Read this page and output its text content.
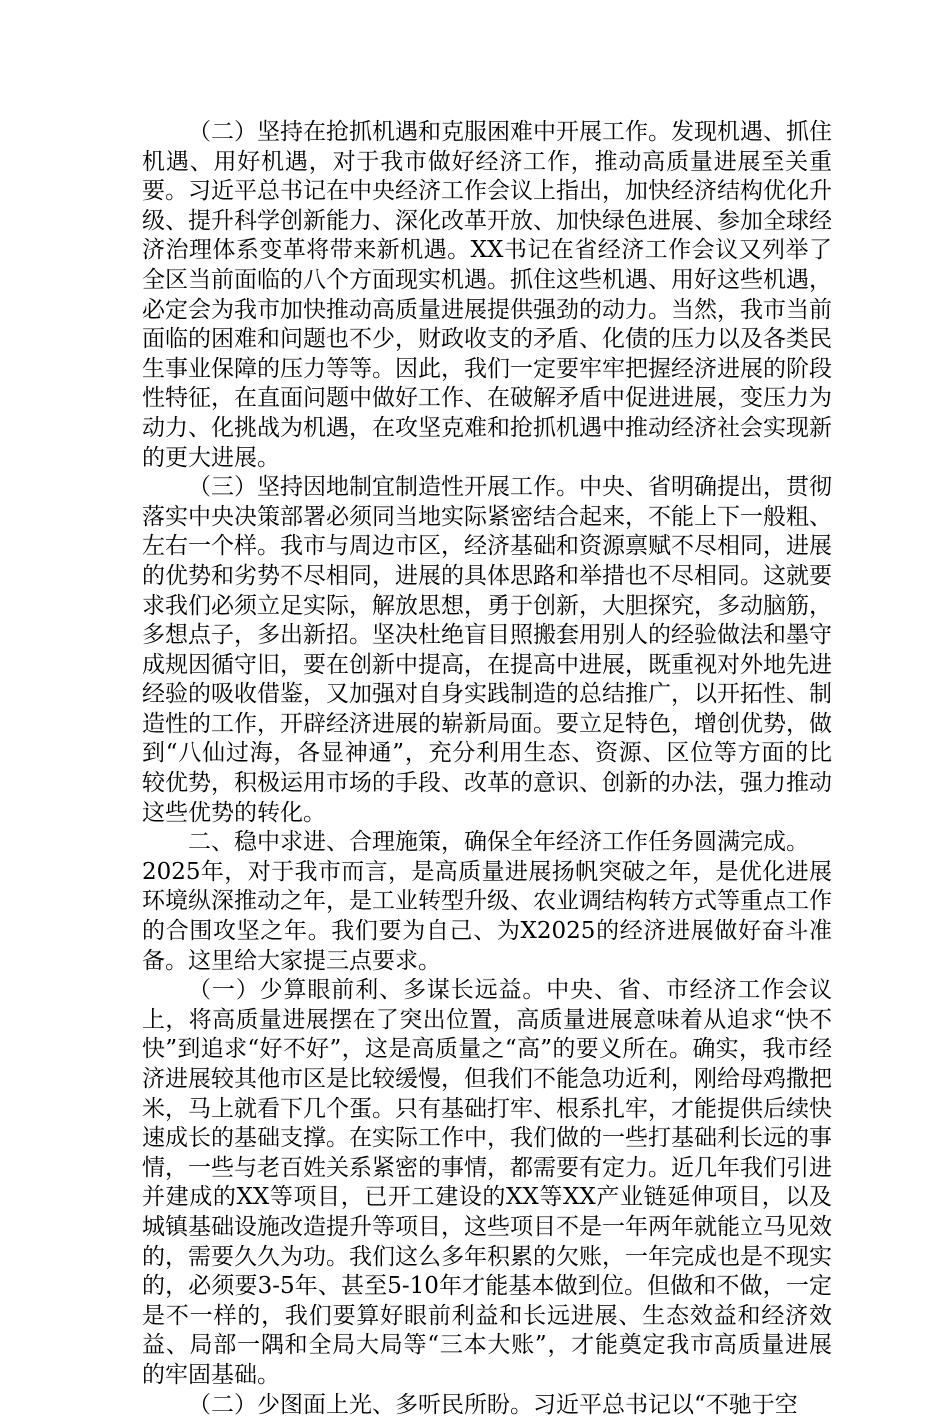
（二）坚持在抢抓机遇和克服困难中开展工作。发现机遇、抓住机遇、用好机遇，对于我市做好经济工作，推动高质量进展至关重要。习近平总书记在中央经济工作会议上指出，加快经济结构优化升级、提升科学创新能力、深化改革开放、加快绿色进展、参加全球经济治理体系变革将带来新机遇。XX书记在省经济工作会议又列举了全区当前面临的八个方面现实机遇。抓住这些机遇、用好这些机遇，必定会为我市加快推动高质量进展提供强劲的动力。当然，我市当前面临的困难和问题也不少，财政收支的矛盾、化债的压力以及各类民生事业保障的压力等等。因此，我们一定要牢牢把握经济进展的阶段性特征，在直面问题中做好工作、在破解矛盾中促进进展，变压力为动力、化挑战为机遇，在攻坚克难和抢抓机遇中推动经济社会实现新的更大进展。

（三）坚持因地制宜制造性开展工作。中央、省明确提出，贯彻落实中央决策部署必须同当地实际紧密结合起来，不能上下一般粗、左右一个样。我市与周边市区，经济基础和资源禀赋不尽相同，进展的优势和劣势不尽相同，进展的具体思路和举措也不尽相同。这就要求我们必须立足实际，解放思想，勇于创新，大胆探究，多动脑筋，多想点子，多出新招。坚决杜绝盲目照搬套用别人的经验做法和墨守成规因循守旧，要在创新中提高，在提高中进展，既重视对外地先进经验的吸收借鉴，又加强对自身实践制造的总结推广，以开拓性、制造性的工作，开辟经济进展的崭新局面。要立足特色，增创优势，做到“八仙过海，各显神通”，充分利用生态、资源、区位等方面的比较优势，积极运用市场的手段、改革的意识、创新的办法，强力推动这些优势的转化。

二、稳中求进、合理施策，确保全年经济工作任务圆满完成。

2025年，对于我市而言，是高质量进展扬帆突破之年，是优化进展环境纵深推动之年，是工业转型升级、农业调结构转方式等重点工作的合围攻坚之年。我们要为自己、为X2025的经济进展做好奋斗准备。这里给大家提三点要求。

（一）少算眼前利、多谋长远益。中央、省、市经济工作会议上，将高质量进展摆在了突出位置，高质量进展意味着从追求“快不快”到追求“好不好”，这是高质量之“高”的要义所在。确实，我市经济进展较其他市区是比较缓慢，但我们不能急功近利，刚给母鸡撒把米，马上就看下几个蛋。只有基础打牢、根系扎牢，才能提供后续快速成长的基础支撑。在实际工作中，我们做的一些打基础利长远的事情，一些与老百姓关系紧密的事情，都需要有定力。近几年我们引进并建成的XX等项目，已开工建设的XX等XX产业链延伸项目，以及城镇基础设施改造提升等项目，这些项目不是一年两年就能立马见效的，需要久久为功。我们这么多年积累的欠账，一年完成也是不现实的，必须要3-5年、甚至5-10年才能基本做到位。但做和不做，一定是不一样的，我们要算好眼前利益和长远进展、生态效益和经济效益、局部一隅和全局大局等“三本大账”，才能奠定我市高质量进展的牢固基础。

（二）少图面上光、多听民所盼。习近平总书记以“不驰于空
